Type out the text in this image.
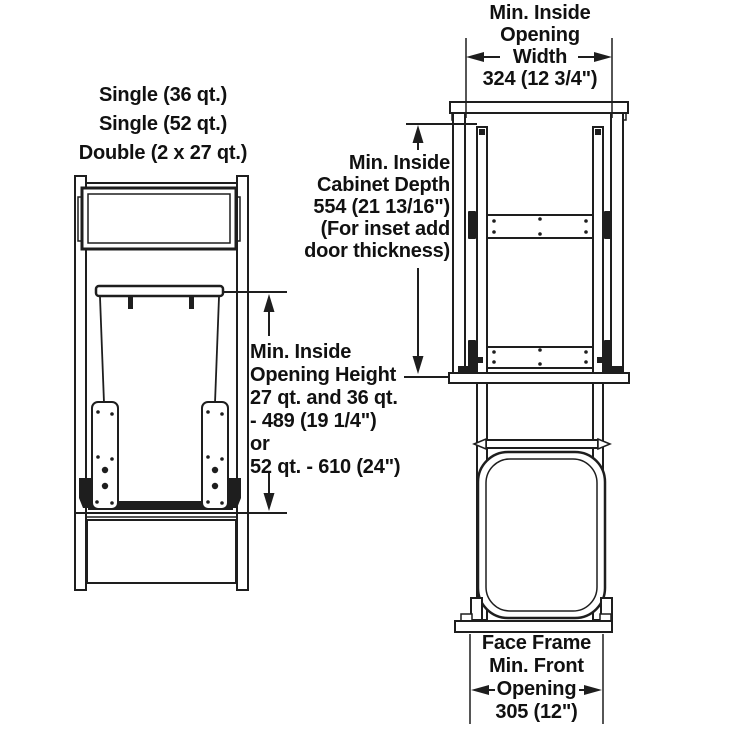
Single (36 qt.)
Single (52 qt.)
Double (2 x 27 qt.)
Min. Inside
Opening
Width
324 (12 3/4")
Min. Inside
Cabinet Depth
554 (21 13/16")
(For inset add
door thickness)
Min. Inside
Opening Height
27 qt. and 36 qt.
- 489 (19 1/4")
or
52 qt. - 610 (24")
Face Frame
Min. Front
Opening
305 (12")
